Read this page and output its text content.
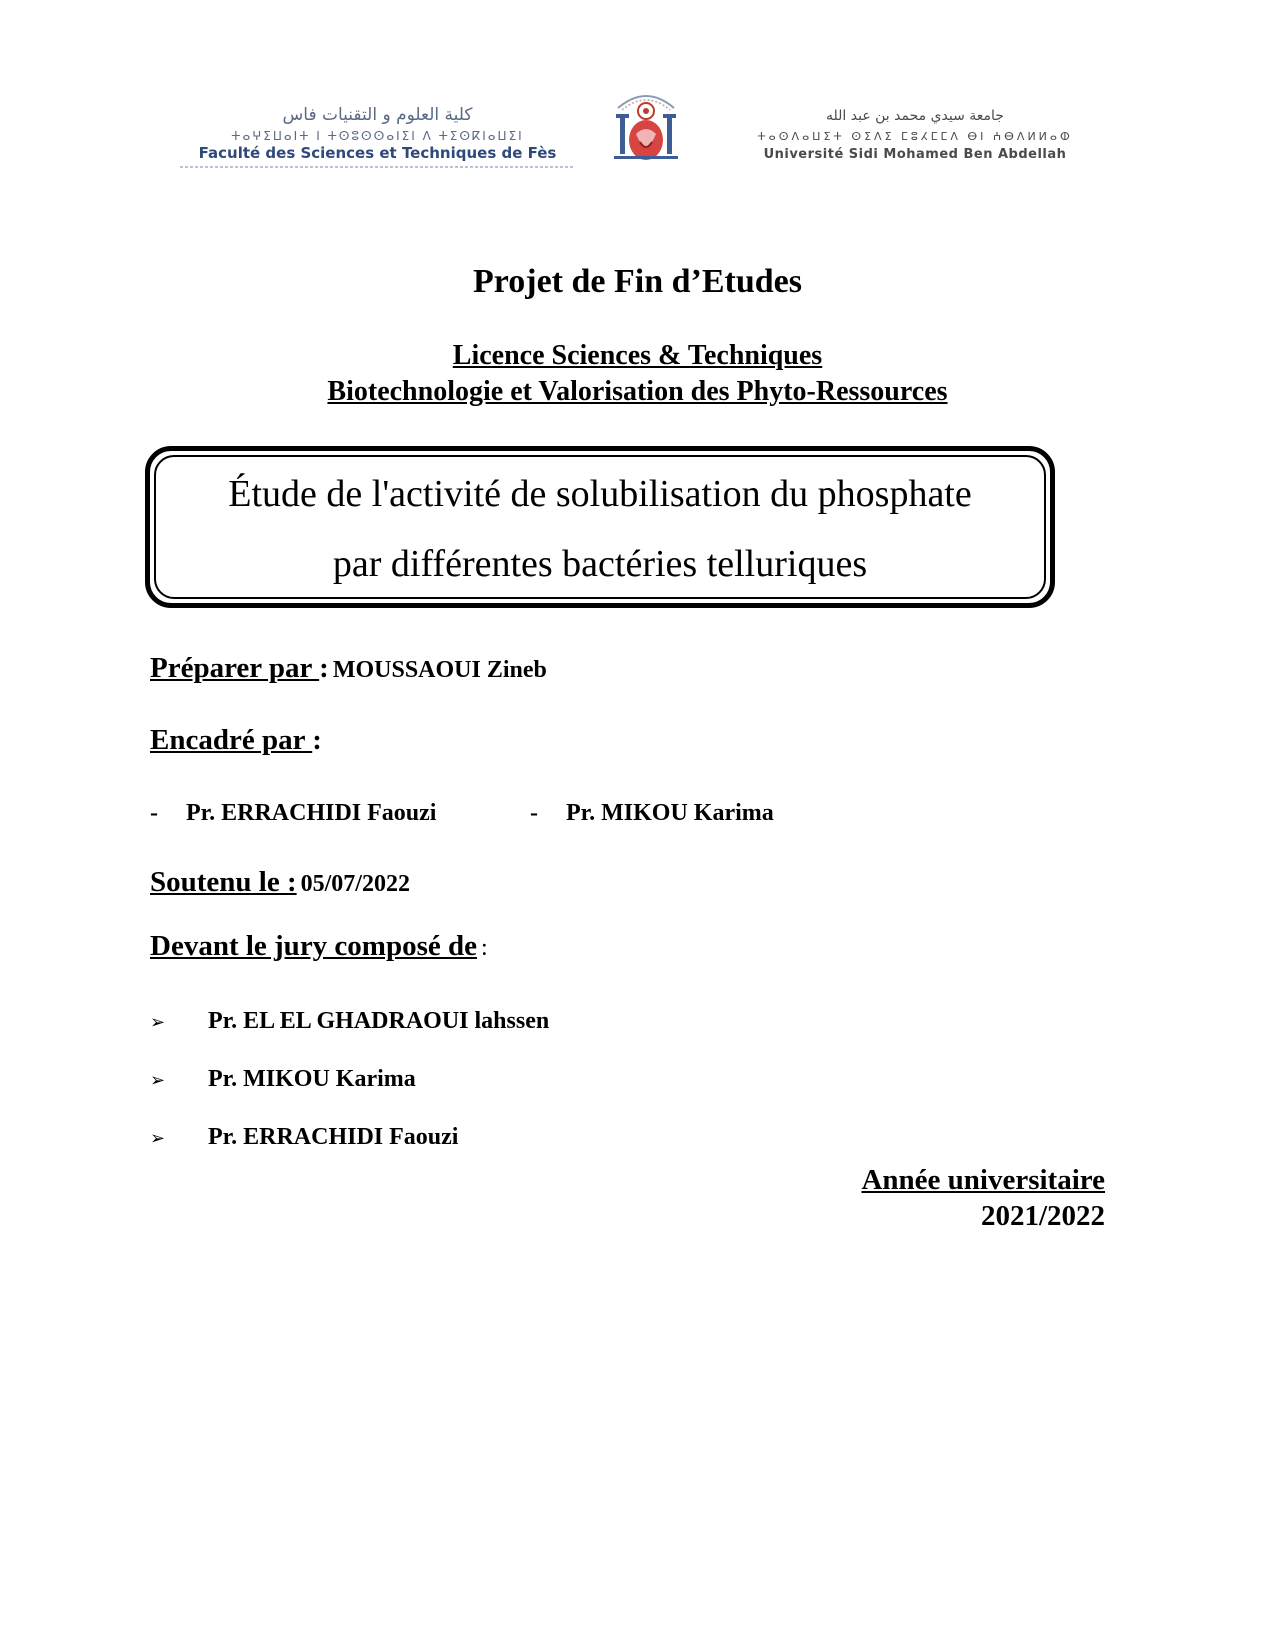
كلية العلوم و التقنيات فاس
ⵜⴰⵖⵉⵡⴰⵏⵜ ⵏ ⵜⵙⵓⵙⵙⴰⵏⵉⵏ ⴷ ⵜⵉⵙⴽⵏⴰⵡⵉⵏ
Faculté des Sciences et Techniques de Fès
جامعة سيدي محمد بن عبد الله
ⵜⴰⵙⴷⴰⵡⵉⵜ ⵙⵉⴷⵉ ⵎⵓⵃⵎⵎⴷ ⴱⵏ ⵄⴱⴷⵍⵍⴰⵀ
Université Sidi Mohamed Ben Abdellah
Projet de Fin d’Etudes
Licence Sciences & Techniques
Biotechnologie et Valorisation des Phyto-Ressources
Étude de l'activité de solubilisation du phosphate
par différentes bactéries telluriques
Préparer par : MOUSSAOUI Zineb
Encadré par :
- Pr. ERRACHIDI Faouzi	- Pr. MIKOU Karima
Soutenu le : 05/07/2022
Devant le jury composé de :
➢ Pr. EL EL GHADRAOUI lahssen
➢ Pr. MIKOU Karima
➢ Pr. ERRACHIDI Faouzi
Année universitaire
2021/2022
